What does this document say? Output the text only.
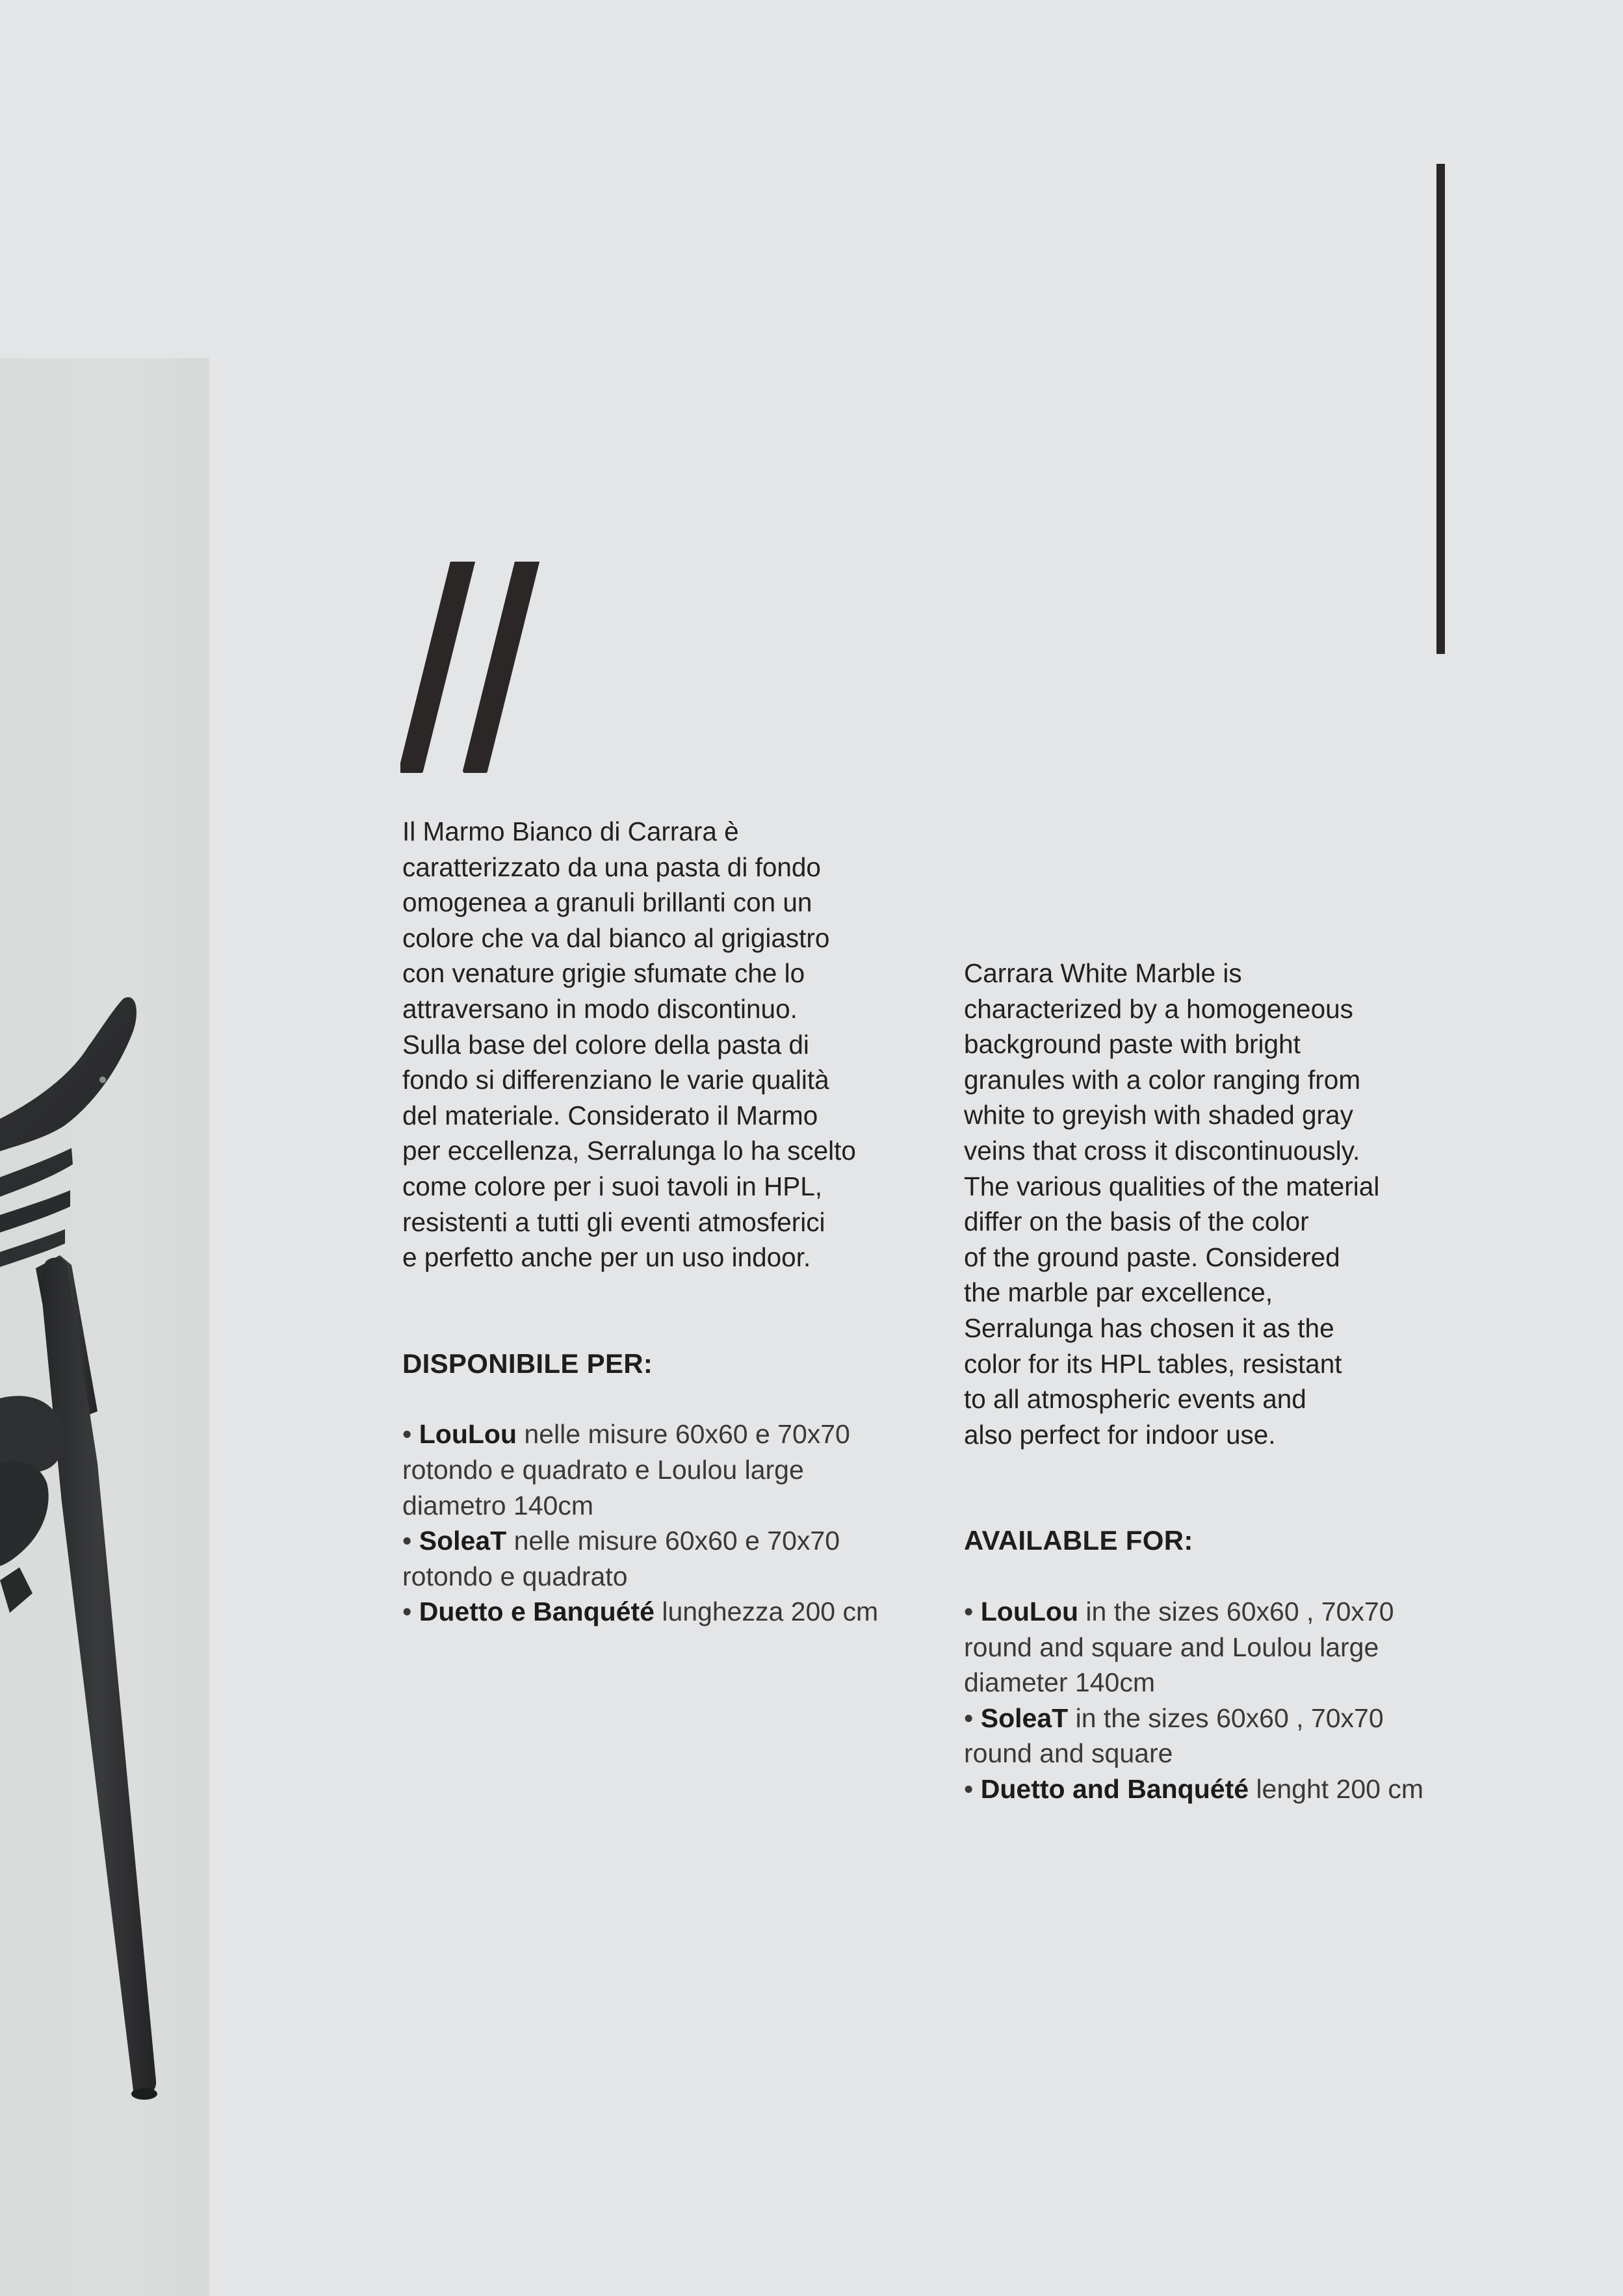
Il Marmo Bianco di Carrara è
caratterizzato da una pasta di fondo
omogenea a granuli brillanti con un
colore che va dal bianco al grigiastro
con venature grigie sfumate che lo
attraversano in modo discontinuo.
Sulla base del colore della pasta di
fondo si differenziano le varie qualità
del materiale. Considerato il Marmo
per eccellenza, Serralunga lo ha scelto
come colore per i suoi tavoli in HPL,
resistenti a tutti gli eventi atmosferici
e perfetto anche per un uso indoor.

DISPONIBILE PER:
• LouLou nelle misure 60x60 e 70x70 rotondo e quadrato e Loulou large diametro 140cm
• SoleaT nelle misure 60x60 e 70x70 rotondo e quadrato
• Duetto e Banquété lunghezza 200 cm

Carrara White Marble is
characterized by a homogeneous
background paste with bright
granules with a color ranging from
white to greyish with shaded gray
veins that cross it discontinuously.
The various qualities of the material
differ on the basis of the color
of the ground paste. Considered
the marble par excellence,
Serralunga has chosen it as the
color for its HPL tables, resistant
to all atmospheric events and
also perfect for indoor use.

AVAILABLE FOR:
• LouLou in the sizes 60x60 , 70x70 round and square and Loulou large diameter 140cm
• SoleaT in the sizes 60x60 , 70x70 round and square
• Duetto and Banquété lenght 200 cm
